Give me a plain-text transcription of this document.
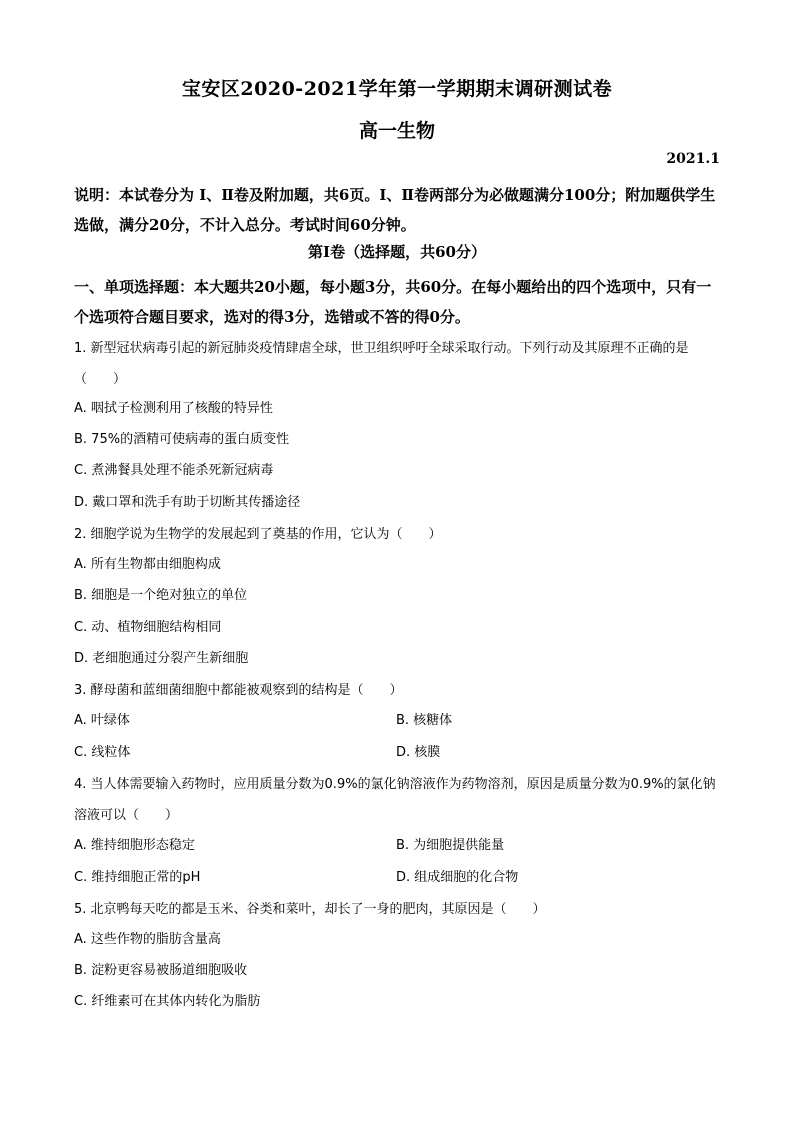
宝安区2020-2021学年第一学期期末调研测试卷
高一生物
2021.1
说明：本试卷分为 Ⅰ、Ⅱ卷及附加题，共6页。Ⅰ、Ⅱ卷两部分为必做题满分100分；附加题供学生选做，满分20分，不计入总分。考试时间60分钟。
第Ⅰ卷（选择题，共60分）
一、单项选择题：本大题共20小题，每小题3分，共60分。在每小题给出的四个选项中，只有一个选项符合题目要求，选对的得3分，选错或不答的得0分。
1. 新型冠状病毒引起的新冠肺炎疫情肆虐全球，世卫组织呼吁全球采取行动。下列行动及其原理不正确的是（　　）
A. 咽拭子检测利用了核酸的特异性
B. 75%的酒精可使病毒的蛋白质变性
C. 煮沸餐具处理不能杀死新冠病毒
D. 戴口罩和洗手有助于切断其传播途径
2. 细胞学说为生物学的发展起到了奠基的作用，它认为（　　）
A. 所有生物都由细胞构成
B. 细胞是一个绝对独立的单位
C. 动、植物细胞结构相同
D. 老细胞通过分裂产生新细胞
3. 酵母菌和蓝细菌细胞中都能被观察到的结构是（　　）
A. 叶绿体	B. 核糖体
C. 线粒体	D. 核膜
4. 当人体需要输入药物时，应用质量分数为0.9%的氯化钠溶液作为药物溶剂，原因是质量分数为0.9%的氯化钠溶液可以（　　）
A. 维持细胞形态稳定	B. 为细胞提供能量
C. 维持细胞正常的pH	D. 组成细胞的化合物
5. 北京鸭每天吃的都是玉米、谷类和菜叶，却长了一身的肥肉，其原因是（　　）
A. 这些作物的脂肪含量高
B. 淀粉更容易被肠道细胞吸收
C. 纤维素可在其体内转化为脂肪
